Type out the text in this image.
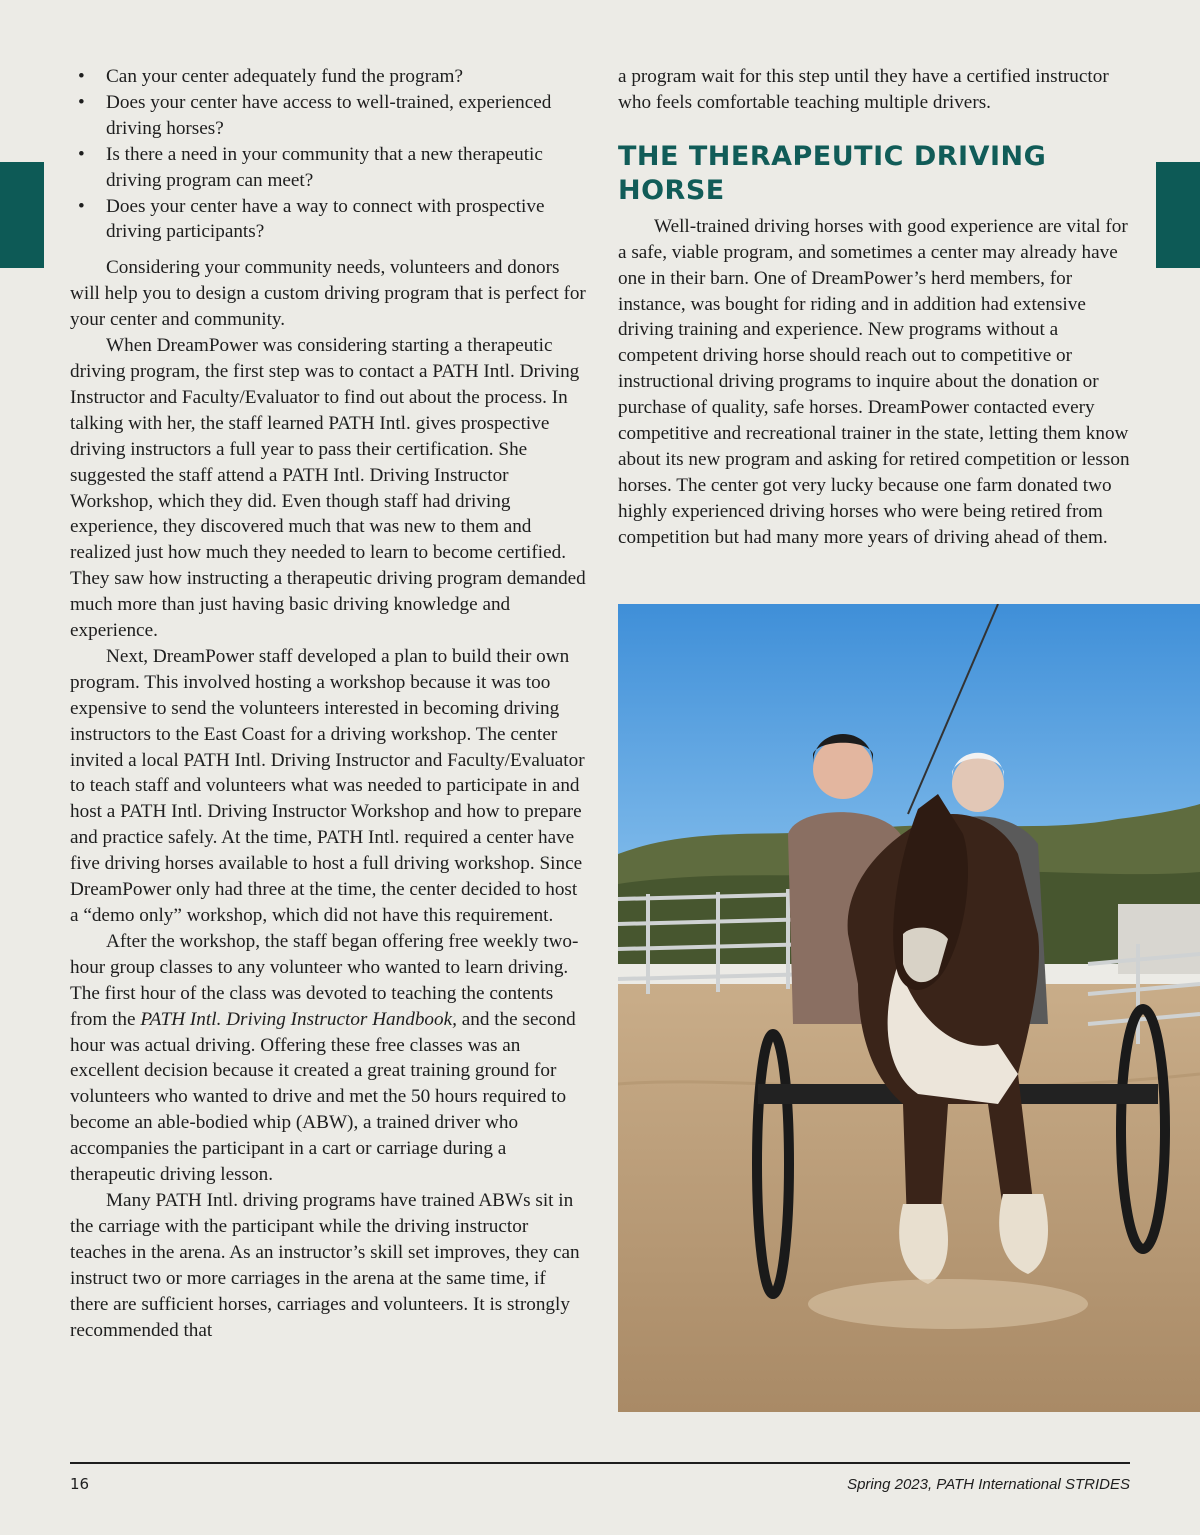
• Can your center adequately fund the program?
• Does your center have access to well-trained, experienced driving horses?
• Is there a need in your community that a new therapeutic driving program can meet?
• Does your center have a way to connect with prospective driving participants?

Considering your community needs, volunteers and donors will help you to design a custom driving program that is perfect for your center and community.

When DreamPower was considering starting a therapeutic driving program, the first step was to contact a PATH Intl. Driving Instructor and Faculty/Evaluator to find out about the process. In talking with her, the staff learned PATH Intl. gives prospective driving instructors a full year to pass their certification. She suggested the staff attend a PATH Intl. Driving Instructor Workshop, which they did. Even though staff had driving experience, they discovered much that was new to them and realized just how much they needed to learn to become certified. They saw how instructing a therapeutic driving program demanded much more than just having basic driving knowledge and experience.

Next, DreamPower staff developed a plan to build their own program. This involved hosting a workshop because it was too expensive to send the volunteers interested in becoming driving instructors to the East Coast for a driving workshop. The center invited a local PATH Intl. Driving Instructor and Faculty/Evaluator to teach staff and volunteers what was needed to participate in and host a PATH Intl. Driving Instructor Workshop and how to prepare and practice safely. At the time, PATH Intl. required a center have five driving horses available to host a full driving workshop. Since DreamPower only had three at the time, the center decided to host a “demo only” workshop, which did not have this requirement.

After the workshop, the staff began offering free weekly two-hour group classes to any volunteer who wanted to learn driving. The first hour of the class was devoted to teaching the contents from the PATH Intl. Driving Instructor Handbook, and the second hour was actual driving. Offering these free classes was an excellent decision because it created a great training ground for volunteers who wanted to drive and met the 50 hours required to become an able-bodied whip (ABW), a trained driver who accompanies the participant in a cart or carriage during a therapeutic driving lesson.

Many PATH Intl. driving programs have trained ABWs sit in the carriage with the participant while the driving instructor teaches in the arena. As an instructor’s skill set improves, they can instruct two or more carriages in the arena at the same time, if there are sufficient horses, carriages and volunteers. It is strongly recommended that

a program wait for this step until they have a certified instructor who feels comfortable teaching multiple drivers.

THE THERAPEUTIC DRIVING HORSE

Well-trained driving horses with good experience are vital for a safe, viable program, and sometimes a center may already have one in their barn. One of DreamPower’s herd members, for instance, was bought for riding and in addition had extensive driving training and experience. New programs without a competent driving horse should reach out to competitive or instructional driving programs to inquire about the donation or purchase of quality, safe horses. DreamPower contacted every competitive and recreational trainer in the state, letting them know about its new program and asking for retired competition or lesson horses. The center got very lucky because one farm donated two highly experienced driving horses who were being retired from competition but had many more years of driving ahead of them.

16	Spring 2023, PATH International STRIDES
